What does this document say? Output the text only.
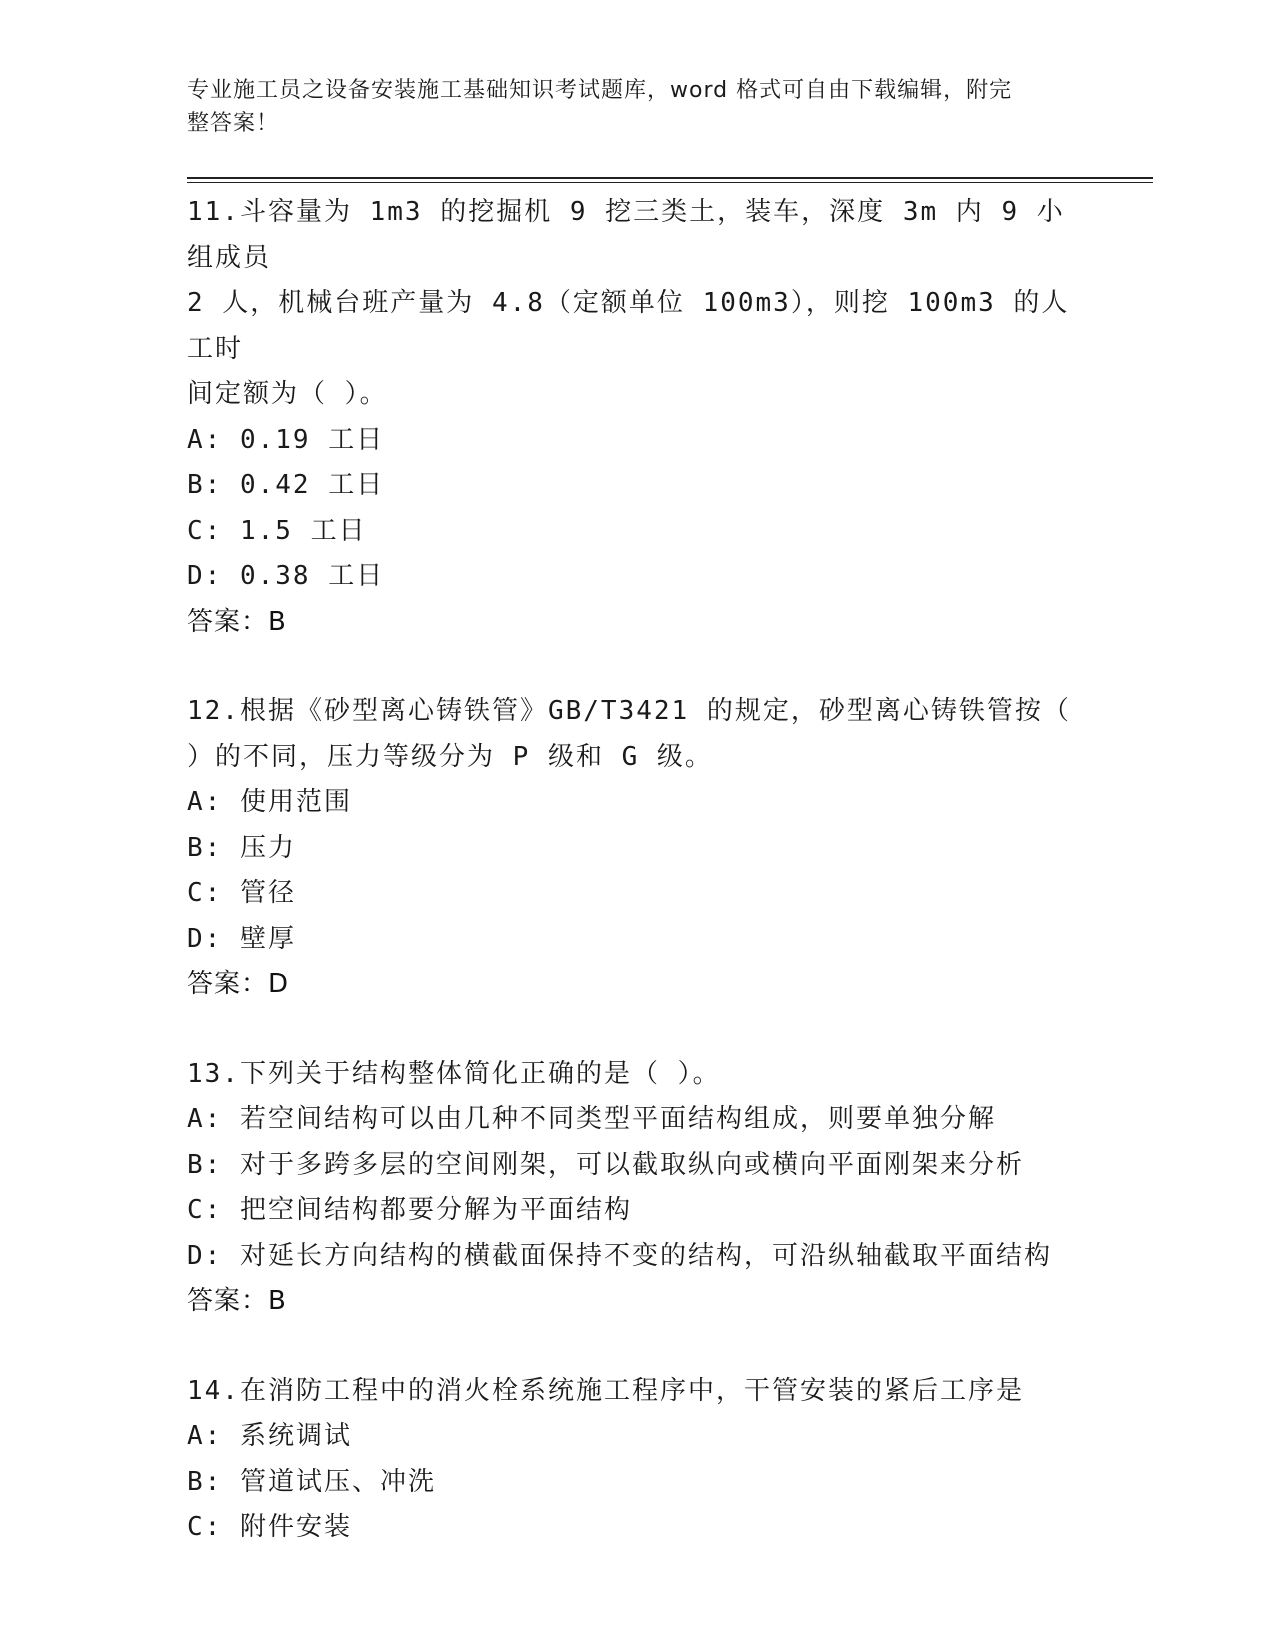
专业施工员之设备安装施工基础知识考试题库，word 格式可自由下载编辑，附完
整答案！
11.斗容量为 1m3 的挖掘机 9 挖三类土，装车，深度 3m 内 9 小组成员
2 人，机械台班产量为 4.8（定额单位 100m3），则挖 100m3 的人工时
间定额为（ ）。
A: 0.19 工日
B: 0.42 工日
C: 1.5 工日
D: 0.38 工日
答案：B
12.根据《砂型离心铸铁管》GB/T3421 的规定，砂型离心铸铁管按（
）的不同，压力等级分为 P 级和 G 级。
A: 使用范围
B: 压力
C: 管径
D: 壁厚
答案：D
13.下列关于结构整体简化正确的是（ ）。
A: 若空间结构可以由几种不同类型平面结构组成，则要单独分解
B: 对于多跨多层的空间刚架，可以截取纵向或横向平面刚架来分析
C: 把空间结构都要分解为平面结构
D: 对延长方向结构的横截面保持不变的结构，可沿纵轴截取平面结构
答案：B
14.在消防工程中的消火栓系统施工程序中，干管安装的紧后工序是
A: 系统调试
B: 管道试压、冲洗
C: 附件安装
